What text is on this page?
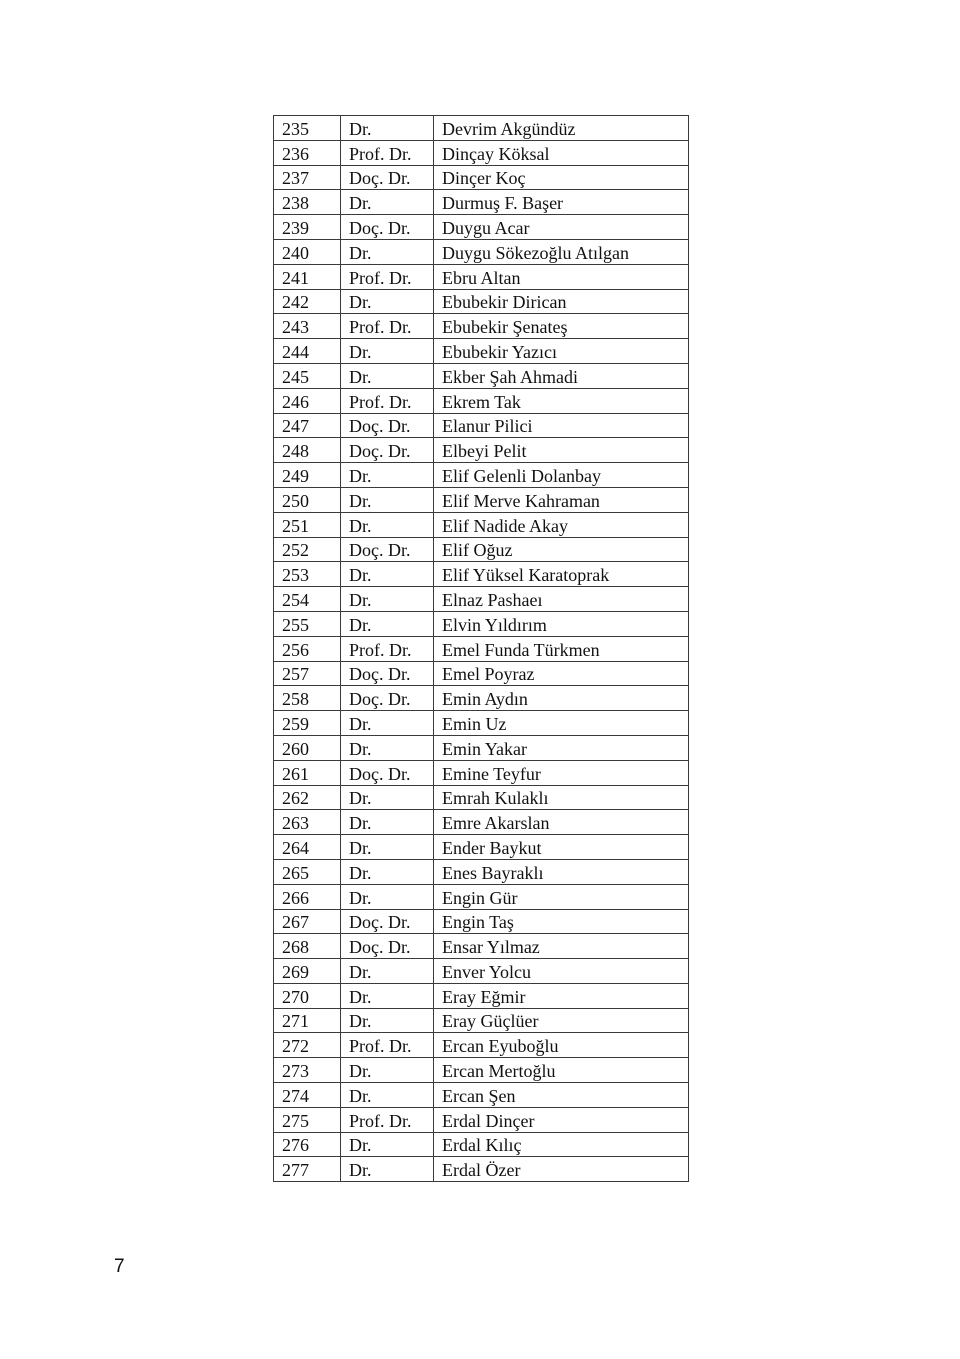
235	Dr.	Devrim Akgündüz
236	Prof. Dr.	Dinçay Köksal
237	Doç. Dr.	Dinçer Koç
238	Dr.	Durmuş F. Başer
239	Doç. Dr.	Duygu Acar
240	Dr.	Duygu Sökezoğlu Atılgan
241	Prof. Dr.	Ebru Altan
242	Dr.	Ebubekir Dirican
243	Prof. Dr.	Ebubekir Şenateş
244	Dr.	Ebubekir Yazıcı
245	Dr.	Ekber Şah Ahmadi
246	Prof. Dr.	Ekrem Tak
247	Doç. Dr.	Elanur Pilici
248	Doç. Dr.	Elbeyi Pelit
249	Dr.	Elif Gelenli Dolanbay
250	Dr.	Elif Merve Kahraman
251	Dr.	Elif Nadide Akay
252	Doç. Dr.	Elif Oğuz
253	Dr.	Elif Yüksel Karatoprak
254	Dr.	Elnaz Pashaeı
255	Dr.	Elvin Yıldırım
256	Prof. Dr.	Emel Funda Türkmen
257	Doç. Dr.	Emel Poyraz
258	Doç. Dr.	Emin Aydın
259	Dr.	Emin Uz
260	Dr.	Emin Yakar
261	Doç. Dr.	Emine Teyfur
262	Dr.	Emrah Kulaklı
263	Dr.	Emre Akarslan
264	Dr.	Ender Baykut
265	Dr.	Enes Bayraklı
266	Dr.	Engin Gür
267	Doç. Dr.	Engin Taş
268	Doç. Dr.	Ensar Yılmaz
269	Dr.	Enver Yolcu
270	Dr.	Eray Eğmir
271	Dr.	Eray Güçlüer
272	Prof. Dr.	Ercan Eyuboğlu
273	Dr.	Ercan Mertoğlu
274	Dr.	Ercan Şen
275	Prof. Dr.	Erdal Dinçer
276	Dr.	Erdal Kılıç
277	Dr.	Erdal Özer
7
